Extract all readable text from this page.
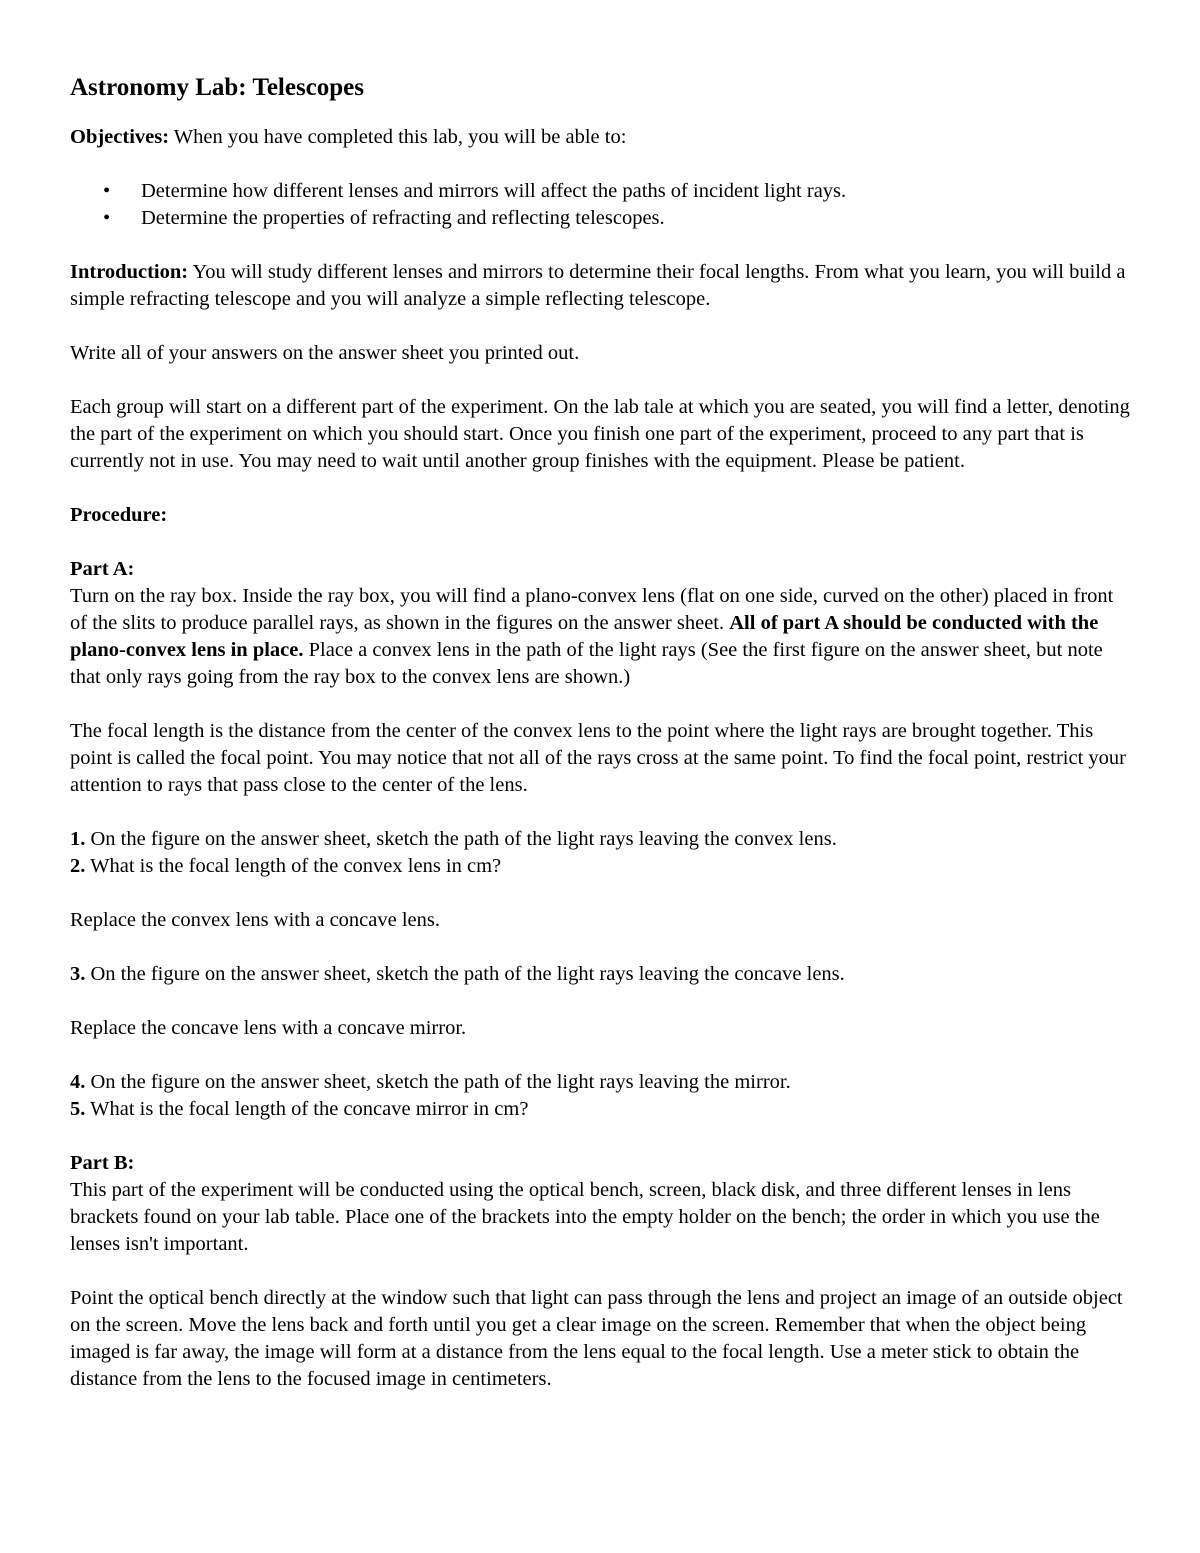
Astronomy Lab: Telescopes

Objectives: When you have completed this lab, you will be able to:

• Determine how different lenses and mirrors will affect the paths of incident light rays.
• Determine the properties of refracting and reflecting telescopes.

Introduction: You will study different lenses and mirrors to determine their focal lengths. From what you learn, you will build a simple refracting telescope and you will analyze a simple reflecting telescope.

Write all of your answers on the answer sheet you printed out.

Each group will start on a different part of the experiment. On the lab tale at which you are seated, you will find a letter, denoting the part of the experiment on which you should start. Once you finish one part of the experiment, proceed to any part that is currently not in use. You may need to wait until another group finishes with the equipment. Please be patient.

Procedure:

Part A:
Turn on the ray box. Inside the ray box, you will find a plano-convex lens (flat on one side, curved on the other) placed in front of the slits to produce parallel rays, as shown in the figures on the answer sheet. All of part A should be conducted with the plano-convex lens in place. Place a convex lens in the path of the light rays (See the first figure on the answer sheet, but note that only rays going from the ray box to the convex lens are shown.)

The focal length is the distance from the center of the convex lens to the point where the light rays are brought together. This point is called the focal point. You may notice that not all of the rays cross at the same point. To find the focal point, restrict your attention to rays that pass close to the center of the lens.

1. On the figure on the answer sheet, sketch the path of the light rays leaving the convex lens.
2. What is the focal length of the convex lens in cm?

Replace the convex lens with a concave lens.

3. On the figure on the answer sheet, sketch the path of the light rays leaving the concave lens.

Replace the concave lens with a concave mirror.

4. On the figure on the answer sheet, sketch the path of the light rays leaving the mirror.
5. What is the focal length of the concave mirror in cm?
Part B:
This part of the experiment will be conducted using the optical bench, screen, black disk, and three different lenses in lens brackets found on your lab table. Place one of the brackets into the empty holder on the bench; the order in which you use the lenses isn't important.

Point the optical bench directly at the window such that light can pass through the lens and project an image of an outside object on the screen. Move the lens back and forth until you get a clear image on the screen. Remember that when the object being imaged is far away, the image will form at a distance from the lens equal to the focal length. Use a meter stick to obtain the distance from the lens to the focused image in centimeters.
